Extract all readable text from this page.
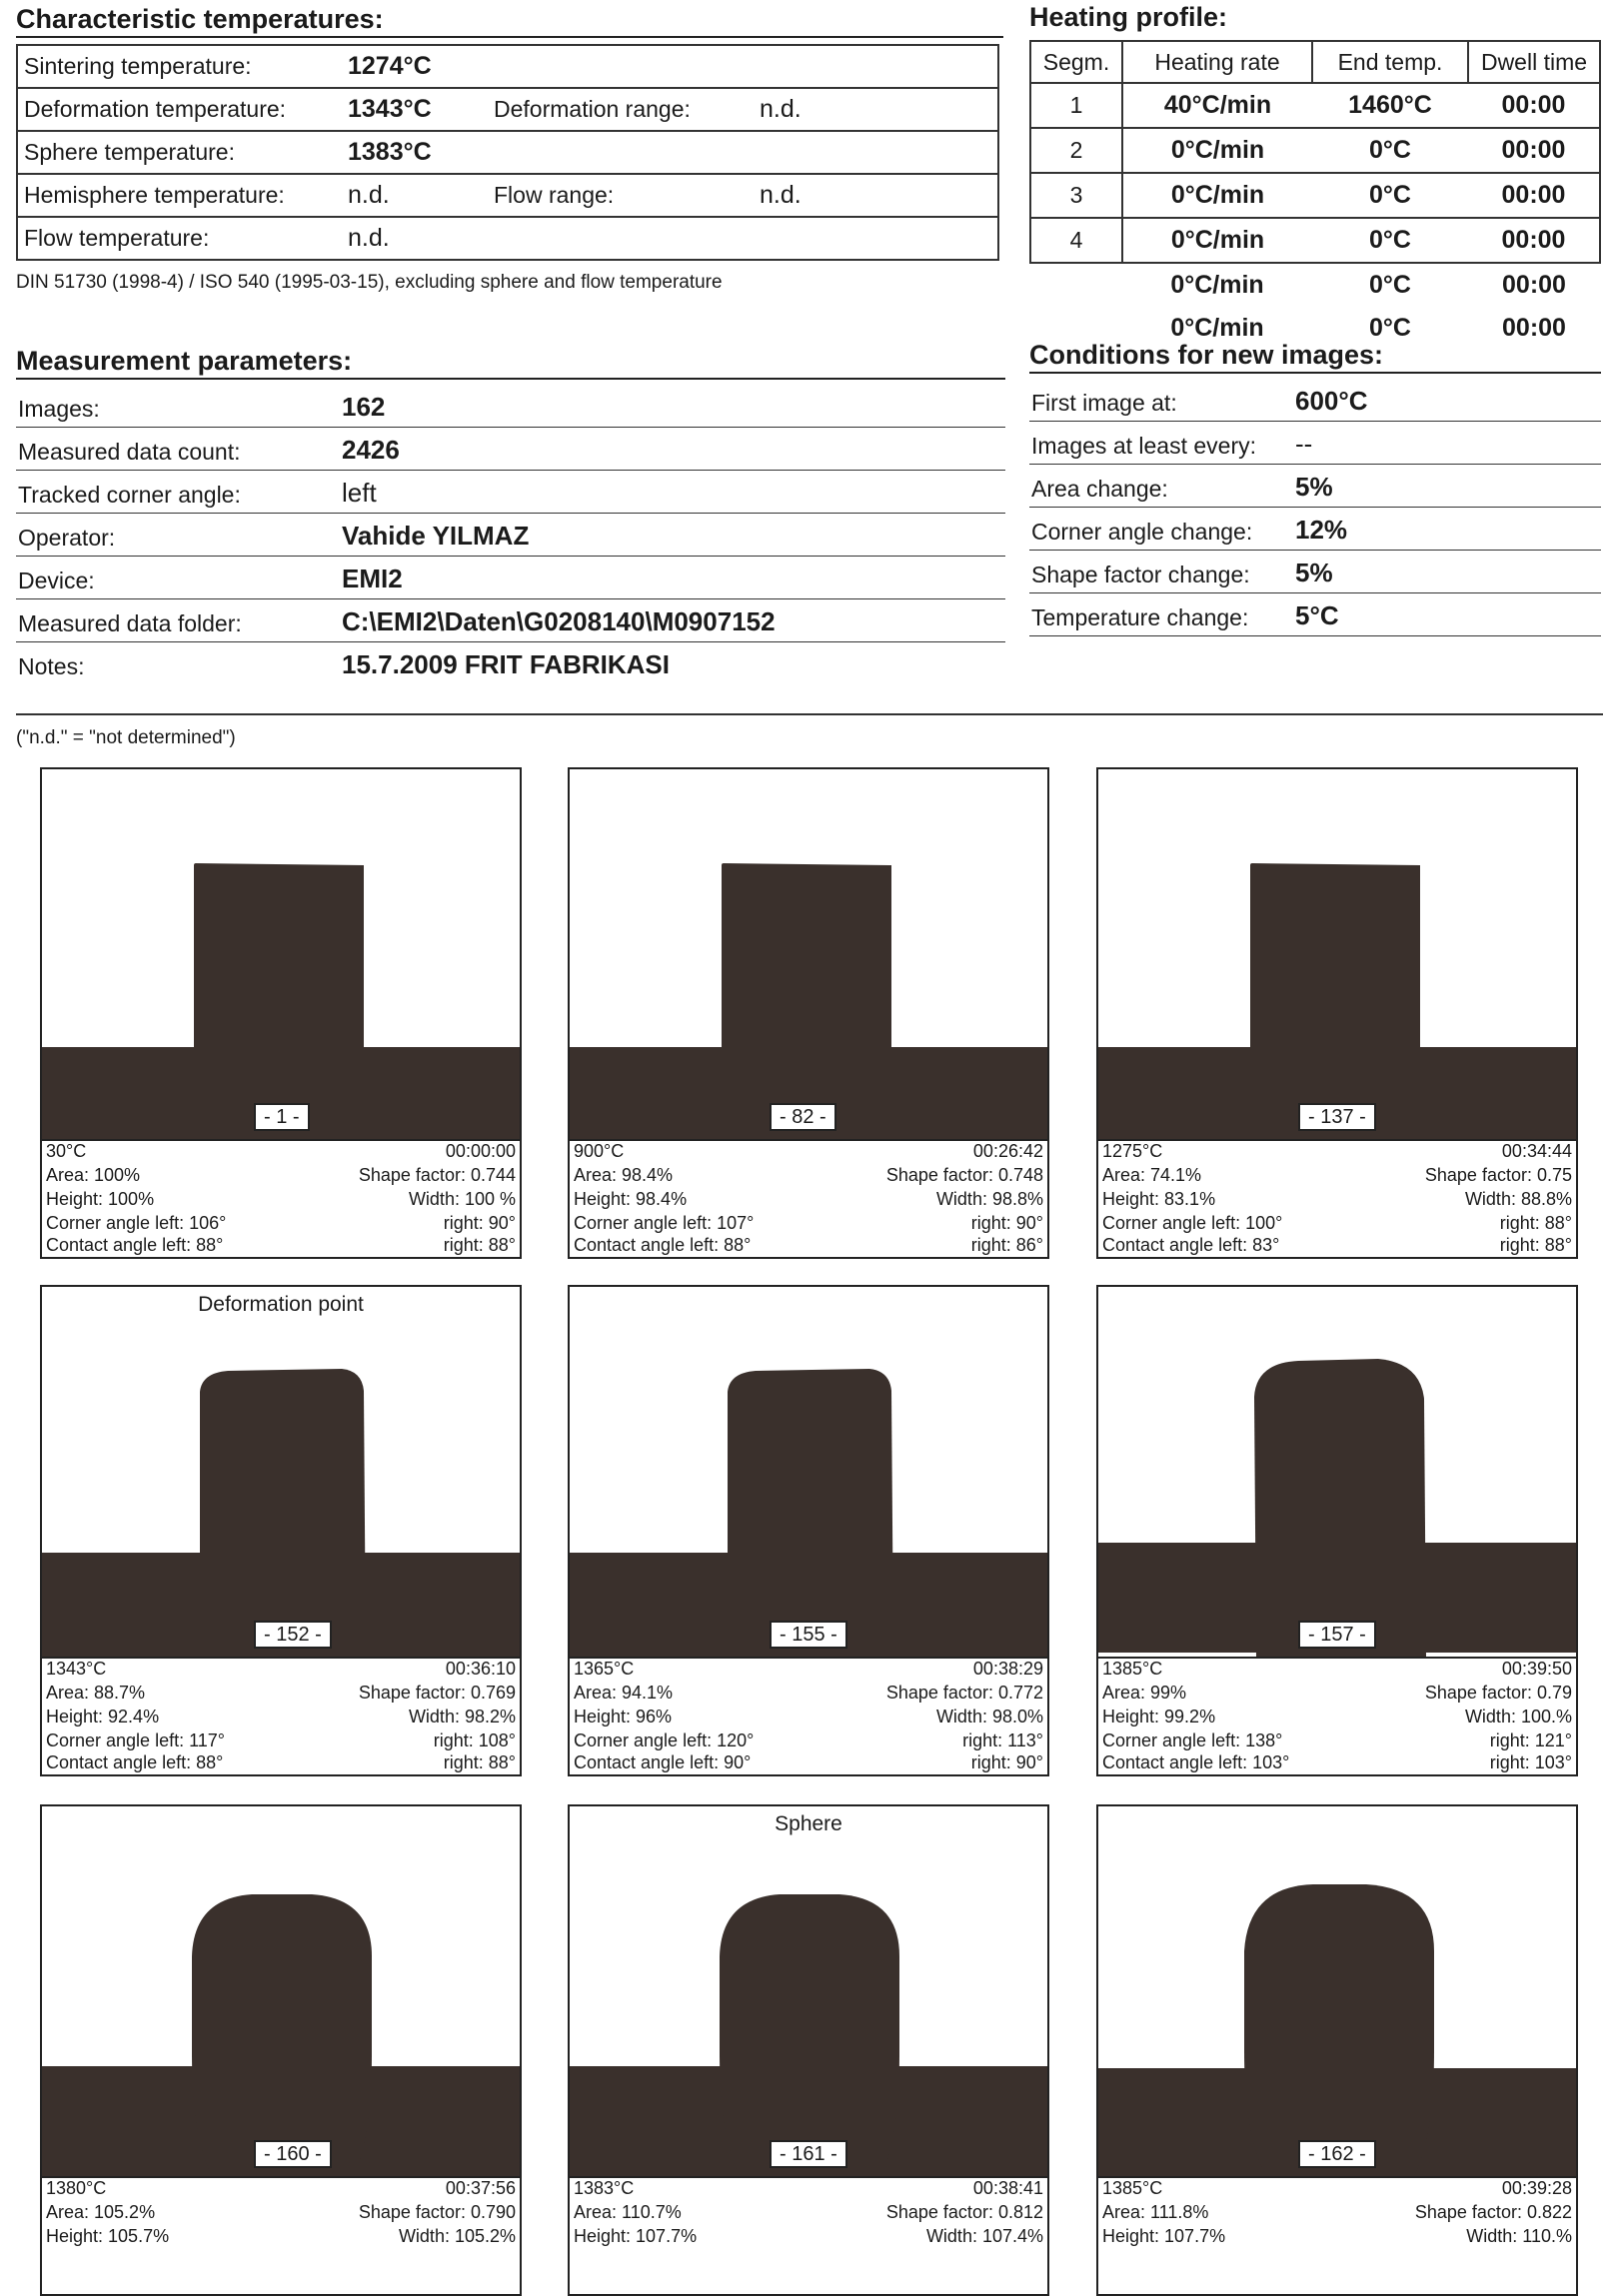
Characteristic temperatures:
Sintering temperature:	1274°C		
Deformation temperature:	1343°C	Deformation range:	n.d.
Sphere temperature:	1383°C		
Hemisphere temperature:	n.d.	Flow range:	n.d.
Flow temperature:	n.d.		
DIN 51730 (1998-4) / ISO 540 (1995-03-15), excluding sphere and flow temperature
Heating profile:
Segm.	Heating rate	End temp.	Dwell time
1	40°C/min	1460°C	00:00
2	0°C/min	0°C	00:00
3	0°C/min	0°C	00:00
4	0°C/min	0°C	00:00
	0°C/min	0°C	00:00
	0°C/min	0°C	00:00
Measurement parameters:
Images:	162
Measured data count:	2426
Tracked corner angle:	left
Operator:	Vahide YILMAZ
Device:	EMI2
Measured data folder:	C:\EMI2\Daten\G0208140\M0907152
Notes:	15.7.2009 FRIT FABRIKASI
Conditions for new images:
First image at:	600°C
Images at least every: --
Area change:	5%
Corner angle change: 12%
Shape factor change: 5%
Temperature change: 5°C
("n.d." = "not determined")
- 1 -
30°C	00:00:00
Area: 100%	Shape factor: 0.744
Height: 100%	Width: 100 %
Corner angle left: 106°	right: 90°
Contact angle left: 88°	right: 88°
- 82 -
900°C	00:26:42
Area: 98.4%	Shape factor: 0.748
Height: 98.4%	Width: 98.8%
Corner angle left: 107°	right: 90°
Contact angle left: 88°	right: 86°
- 137 -
1275°C	00:34:44
Area: 74.1%	Shape factor: 0.75
Height: 83.1%	Width: 88.8%
Corner angle left: 100°	right: 88°
Contact angle left: 83°	right: 88°
Deformation point
- 152 -
1343°C	00:36:10
Area: 88.7%	Shape factor: 0.769
Height: 92.4%	Width: 98.2%
Corner angle left: 117°	right: 108°
Contact angle left: 88°	right: 88°
- 155 -
1365°C	00:38:29
Area: 94.1%	Shape factor: 0.772
Height: 96%	Width: 98.0%
Corner angle left: 120°	right: 113°
Contact angle left: 90°	right: 90°
- 157 -
1385°C	00:39:50
Area: 99%	Shape factor: 0.79
Height: 99.2%	Width: 100.%
Corner angle left: 138°	right: 121°
Contact angle left: 103°	right: 103°
- 160 -
1380°C	00:37:56
Area: 105.2%	Shape factor: 0.790
Height: 105.7%	Width: 105.2%
Sphere
- 161 -
1383°C	00:38:41
Area: 110.7%	Shape factor: 0.812
Height: 107.7%	Width: 107.4%
- 162 -
1385°C	00:39:28
Area: 111.8%	Shape factor: 0.822
Height: 107.7%	Width: 110.%
